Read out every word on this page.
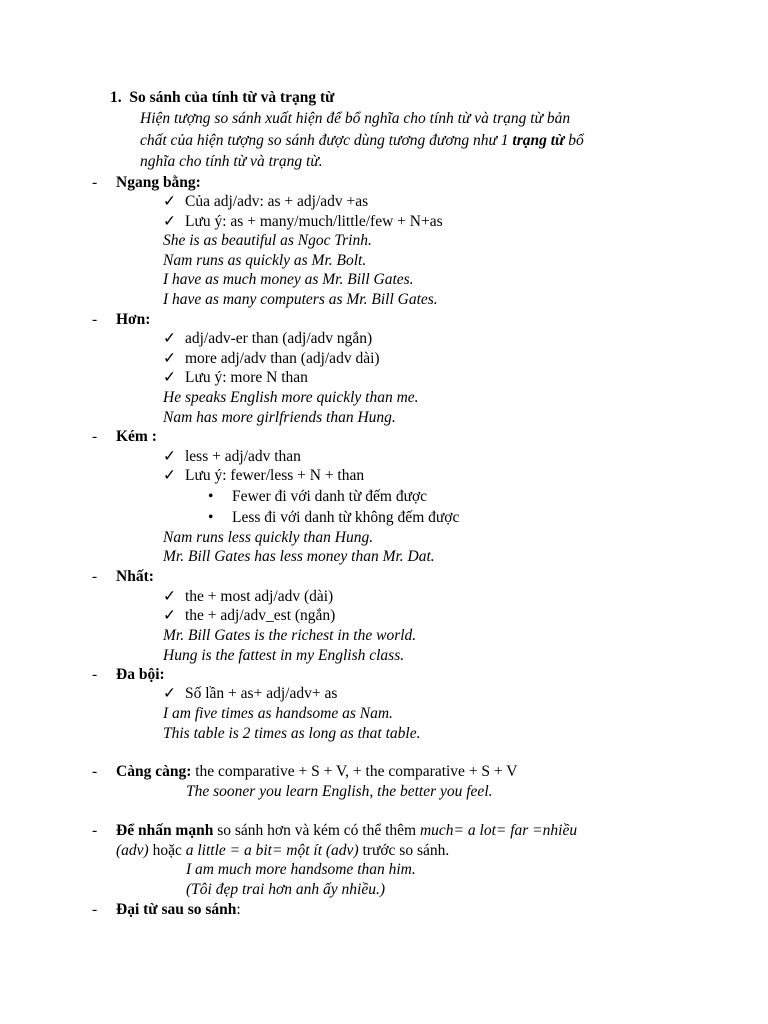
1. So sánh của tính từ và trạng từ
Hiện tượng so sánh xuất hiện để bổ nghĩa cho tính từ và trạng từ bản
chất của hiện tượng so sánh được dùng tương đương như 1 trạng từ bổ
nghĩa cho tính từ và trạng từ.
- Ngang bằng:
✓ Của adj/adv: as + adj/adv +as
✓ Lưu ý: as + many/much/little/few + N+as
She is as beautiful as Ngoc Trinh.
Nam runs as quickly as Mr. Bolt.
I have as much money as Mr. Bill Gates.
I have as many computers as Mr. Bill Gates.
- Hơn:
✓ adj/adv-er than (adj/adv ngắn)
✓ more adj/adv than (adj/adv dài)
✓ Lưu ý: more N than
He speaks English more quickly than me.
Nam has more girlfriends than Hung.
- Kém :
✓ less + adj/adv than
✓ Lưu ý: fewer/less + N + than
• Fewer đi với danh từ đếm được
• Less đi với danh từ không đếm được
Nam runs less quickly than Hung.
Mr. Bill Gates has less money than Mr. Dat.
- Nhất:
✓ the + most adj/adv (dài)
✓ the + adj/adv_est (ngắn)
Mr. Bill Gates is the richest in the world.
Hung is the fattest in my English class.
- Đa bội:
✓ Số lần + as+ adj/adv+ as
I am five times as handsome as Nam.
This table is 2 times as long as that table.
- Càng càng: the comparative + S + V, + the comparative + S + V
The sooner you learn English, the better you feel.
- Để nhấn mạnh so sánh hơn và kém có thể thêm much= a lot= far =nhiều
(adv) hoặc a little = a bit= một ít (adv) trước so sánh.
I am much more handsome than him.
(Tôi đẹp trai hơn anh ấy nhiều.)
- Đại từ sau so sánh:
